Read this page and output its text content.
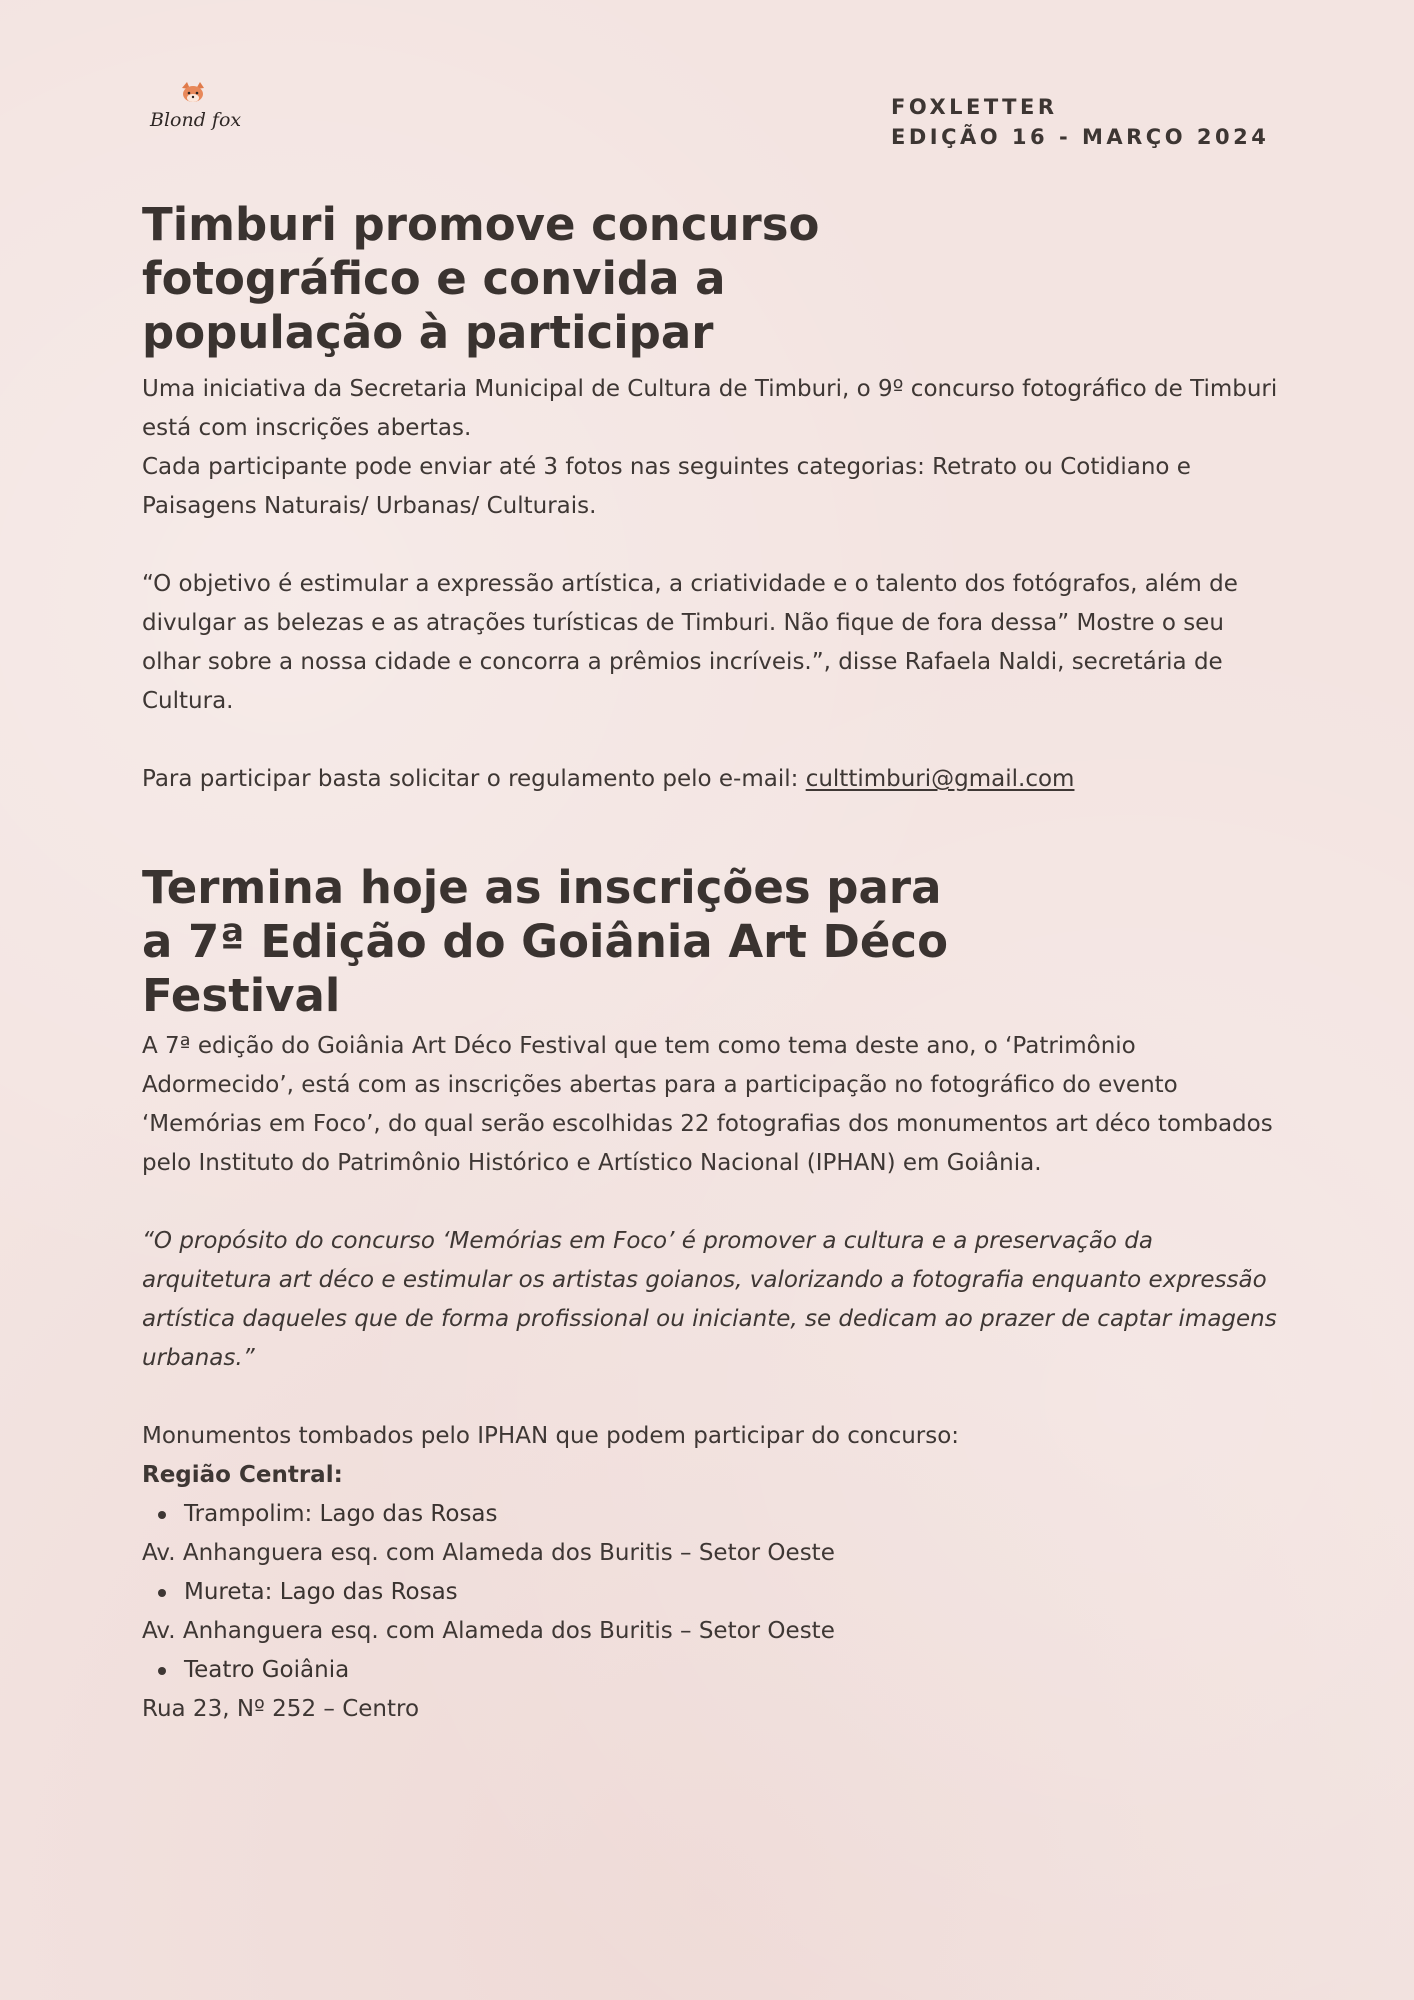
Blond fox
FOXLETTER
EDIÇÃO 16 - MARÇO 2024
Timburi promove concurso fotográfico e convida a população à participar

Uma iniciativa da Secretaria Municipal de Cultura de Timburi, o 9º concurso fotográfico de Timburi está com inscrições abertas.

Cada participante pode enviar até 3 fotos nas seguintes categorias: Retrato ou Cotidiano e Paisagens Naturais/ Urbanas/ Culturais.

“O objetivo é estimular a expressão artística, a criatividade e o talento dos fotógrafos, além de divulgar as belezas e as atrações turísticas de Timburi. Não fique de fora dessa” Mostre o seu olhar sobre a nossa cidade e concorra a prêmios incríveis.”, disse Rafaela Naldi, secretária de Cultura.

Para participar basta solicitar o regulamento pelo e-mail: culttimburi@gmail.com

Termina hoje as inscrições para a 7ª Edição do Goiânia Art Déco Festival

A 7ª edição do Goiânia Art Déco Festival que tem como tema deste ano, o ‘Patrimônio Adormecido’, está com as inscrições abertas para a participação no fotográfico do evento ‘Memórias em Foco’, do qual serão escolhidas 22 fotografias dos monumentos art déco tombados pelo Instituto do Patrimônio Histórico e Artístico Nacional (IPHAN) em Goiânia.

“O propósito do concurso ‘Memórias em Foco’ é promover a cultura e a preservação da arquitetura art déco e estimular os artistas goianos, valorizando a fotografia enquanto expressão artística daqueles que de forma profissional ou iniciante, se dedicam ao prazer de captar imagens urbanas.”

Monumentos tombados pelo IPHAN que podem participar do concurso:

Região Central:

Trampolim: Lago das Rosas

Av. Anhanguera esq. com Alameda dos Buritis – Setor Oeste

Mureta: Lago das Rosas

Av. Anhanguera esq. com Alameda dos Buritis – Setor Oeste

Teatro Goiânia

Rua 23, Nº 252 – Centro
